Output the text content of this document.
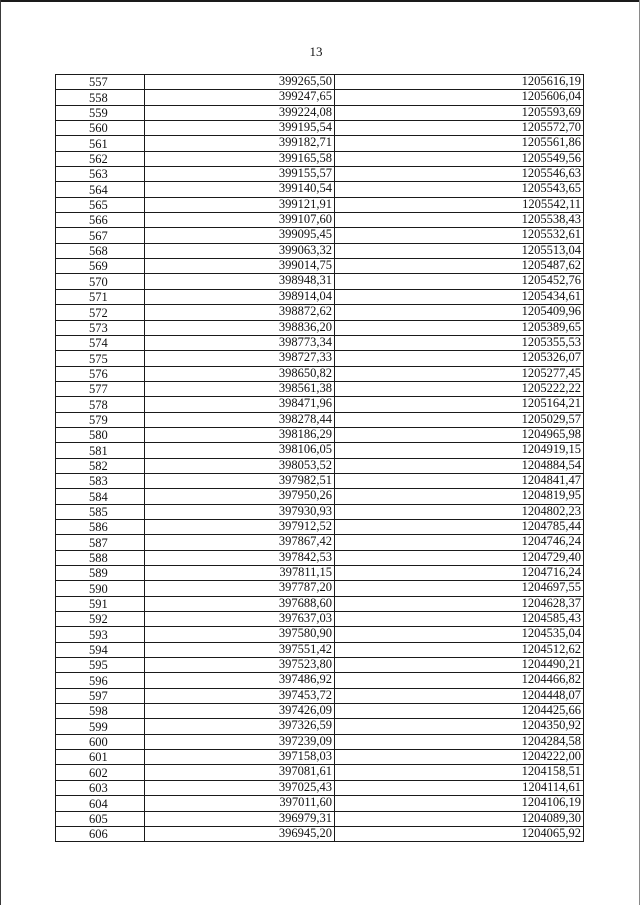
13
557	399265,50	1205616,19
558	399247,65	1205606,04
559	399224,08	1205593,69
560	399195,54	1205572,70
561	399182,71	1205561,86
562	399165,58	1205549,56
563	399155,57	1205546,63
564	399140,54	1205543,65
565	399121,91	1205542,11
566	399107,60	1205538,43
567	399095,45	1205532,61
568	399063,32	1205513,04
569	399014,75	1205487,62
570	398948,31	1205452,76
571	398914,04	1205434,61
572	398872,62	1205409,96
573	398836,20	1205389,65
574	398773,34	1205355,53
575	398727,33	1205326,07
576	398650,82	1205277,45
577	398561,38	1205222,22
578	398471,96	1205164,21
579	398278,44	1205029,57
580	398186,29	1204965,98
581	398106,05	1204919,15
582	398053,52	1204884,54
583	397982,51	1204841,47
584	397950,26	1204819,95
585	397930,93	1204802,23
586	397912,52	1204785,44
587	397867,42	1204746,24
588	397842,53	1204729,40
589	397811,15	1204716,24
590	397787,20	1204697,55
591	397688,60	1204628,37
592	397637,03	1204585,43
593	397580,90	1204535,04
594	397551,42	1204512,62
595	397523,80	1204490,21
596	397486,92	1204466,82
597	397453,72	1204448,07
598	397426,09	1204425,66
599	397326,59	1204350,92
600	397239,09	1204284,58
601	397158,03	1204222,00
602	397081,61	1204158,51
603	397025,43	1204114,61
604	397011,60	1204106,19
605	396979,31	1204089,30
606	396945,20	1204065,92
